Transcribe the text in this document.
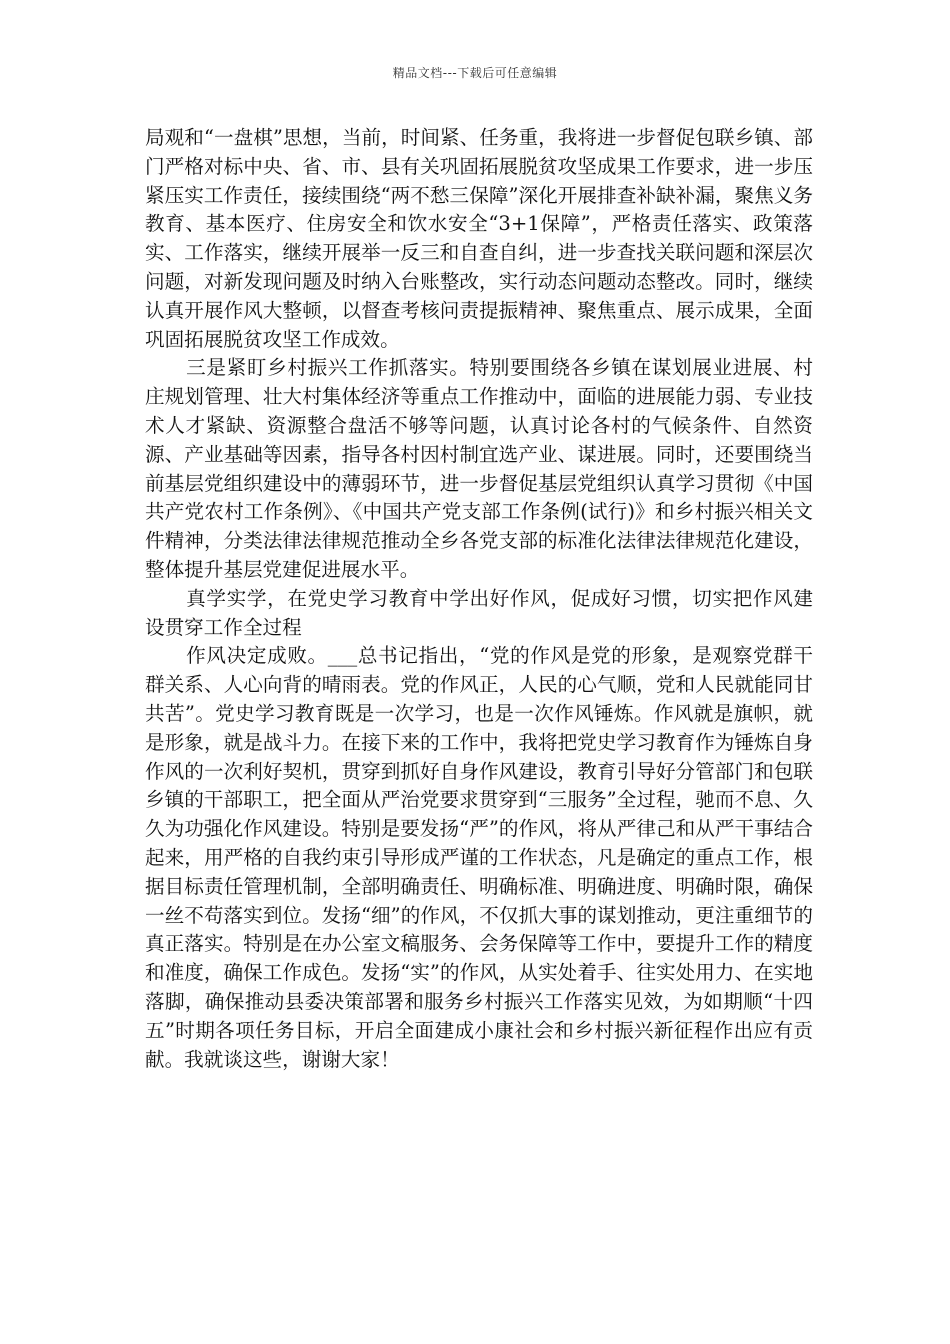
精品文档---下载后可任意编辑

局观和“一盘棋”思想，当前，时间紧、任务重，我将进一步督促包联乡镇、部门严格对标中央、省、市、县有关巩固拓展脱贫攻坚成果工作要求，进一步压紧压实工作责任，接续围绕“两不愁三保障”深化开展排查补缺补漏，聚焦义务教育、基本医疗、住房安全和饮水安全“3+1保障”，严格责任落实、政策落实、工作落实，继续开展举一反三和自查自纠，进一步查找关联问题和深层次问题，对新发现问题及时纳入台账整改，实行动态问题动态整改。同时，继续认真开展作风大整顿，以督查考核问责提振精神、聚焦重点、展示成果，全面巩固拓展脱贫攻坚工作成效。

三是紧盯乡村振兴工作抓落实。特别要围绕各乡镇在谋划展业进展、村庄规划管理、壮大村集体经济等重点工作推动中，面临的进展能力弱、专业技术人才紧缺、资源整合盘活不够等问题，认真讨论各村的气候条件、自然资源、产业基础等因素，指导各村因村制宜选产业、谋进展。同时，还要围绕当前基层党组织建设中的薄弱环节，进一步督促基层党组织认真学习贯彻《中国共产党农村工作条例》、《中国共产党支部工作条例(试行)》和乡村振兴相关文件精神，分类法律法律规范推动全乡各党支部的标准化法律法律规范化建设，整体提升基层党建促进展水平。

真学实学，在党史学习教育中学出好作风，促成好习惯，切实把作风建设贯穿工作全过程

作风决定成败。___总书记指出，“党的作风是党的形象，是观察党群干群关系、人心向背的晴雨表。党的作风正，人民的心气顺，党和人民就能同甘共苦”。党史学习教育既是一次学习，也是一次作风锤炼。作风就是旗帜，就是形象，就是战斗力。在接下来的工作中，我将把党史学习教育作为锤炼自身作风的一次利好契机，贯穿到抓好自身作风建设，教育引导好分管部门和包联乡镇的干部职工，把全面从严治党要求贯穿到“三服务”全过程，驰而不息、久久为功强化作风建设。特别是要发扬“严”的作风，将从严律己和从严干事结合起来，用严格的自我约束引导形成严谨的工作状态，凡是确定的重点工作，根据目标责任管理机制，全部明确责任、明确标准、明确进度、明确时限，确保一丝不苟落实到位。发扬“细”的作风，不仅抓大事的谋划推动，更注重细节的真正落实。特别是在办公室文稿服务、会务保障等工作中，要提升工作的精度和准度，确保工作成色。发扬“实”的作风，从实处着手、往实处用力、在实地落脚，确保推动县委决策部署和服务乡村振兴工作落实见效，为如期顺“十四五”时期各项任务目标，开启全面建成小康社会和乡村振兴新征程作出应有贡献。我就谈这些，谢谢大家！
